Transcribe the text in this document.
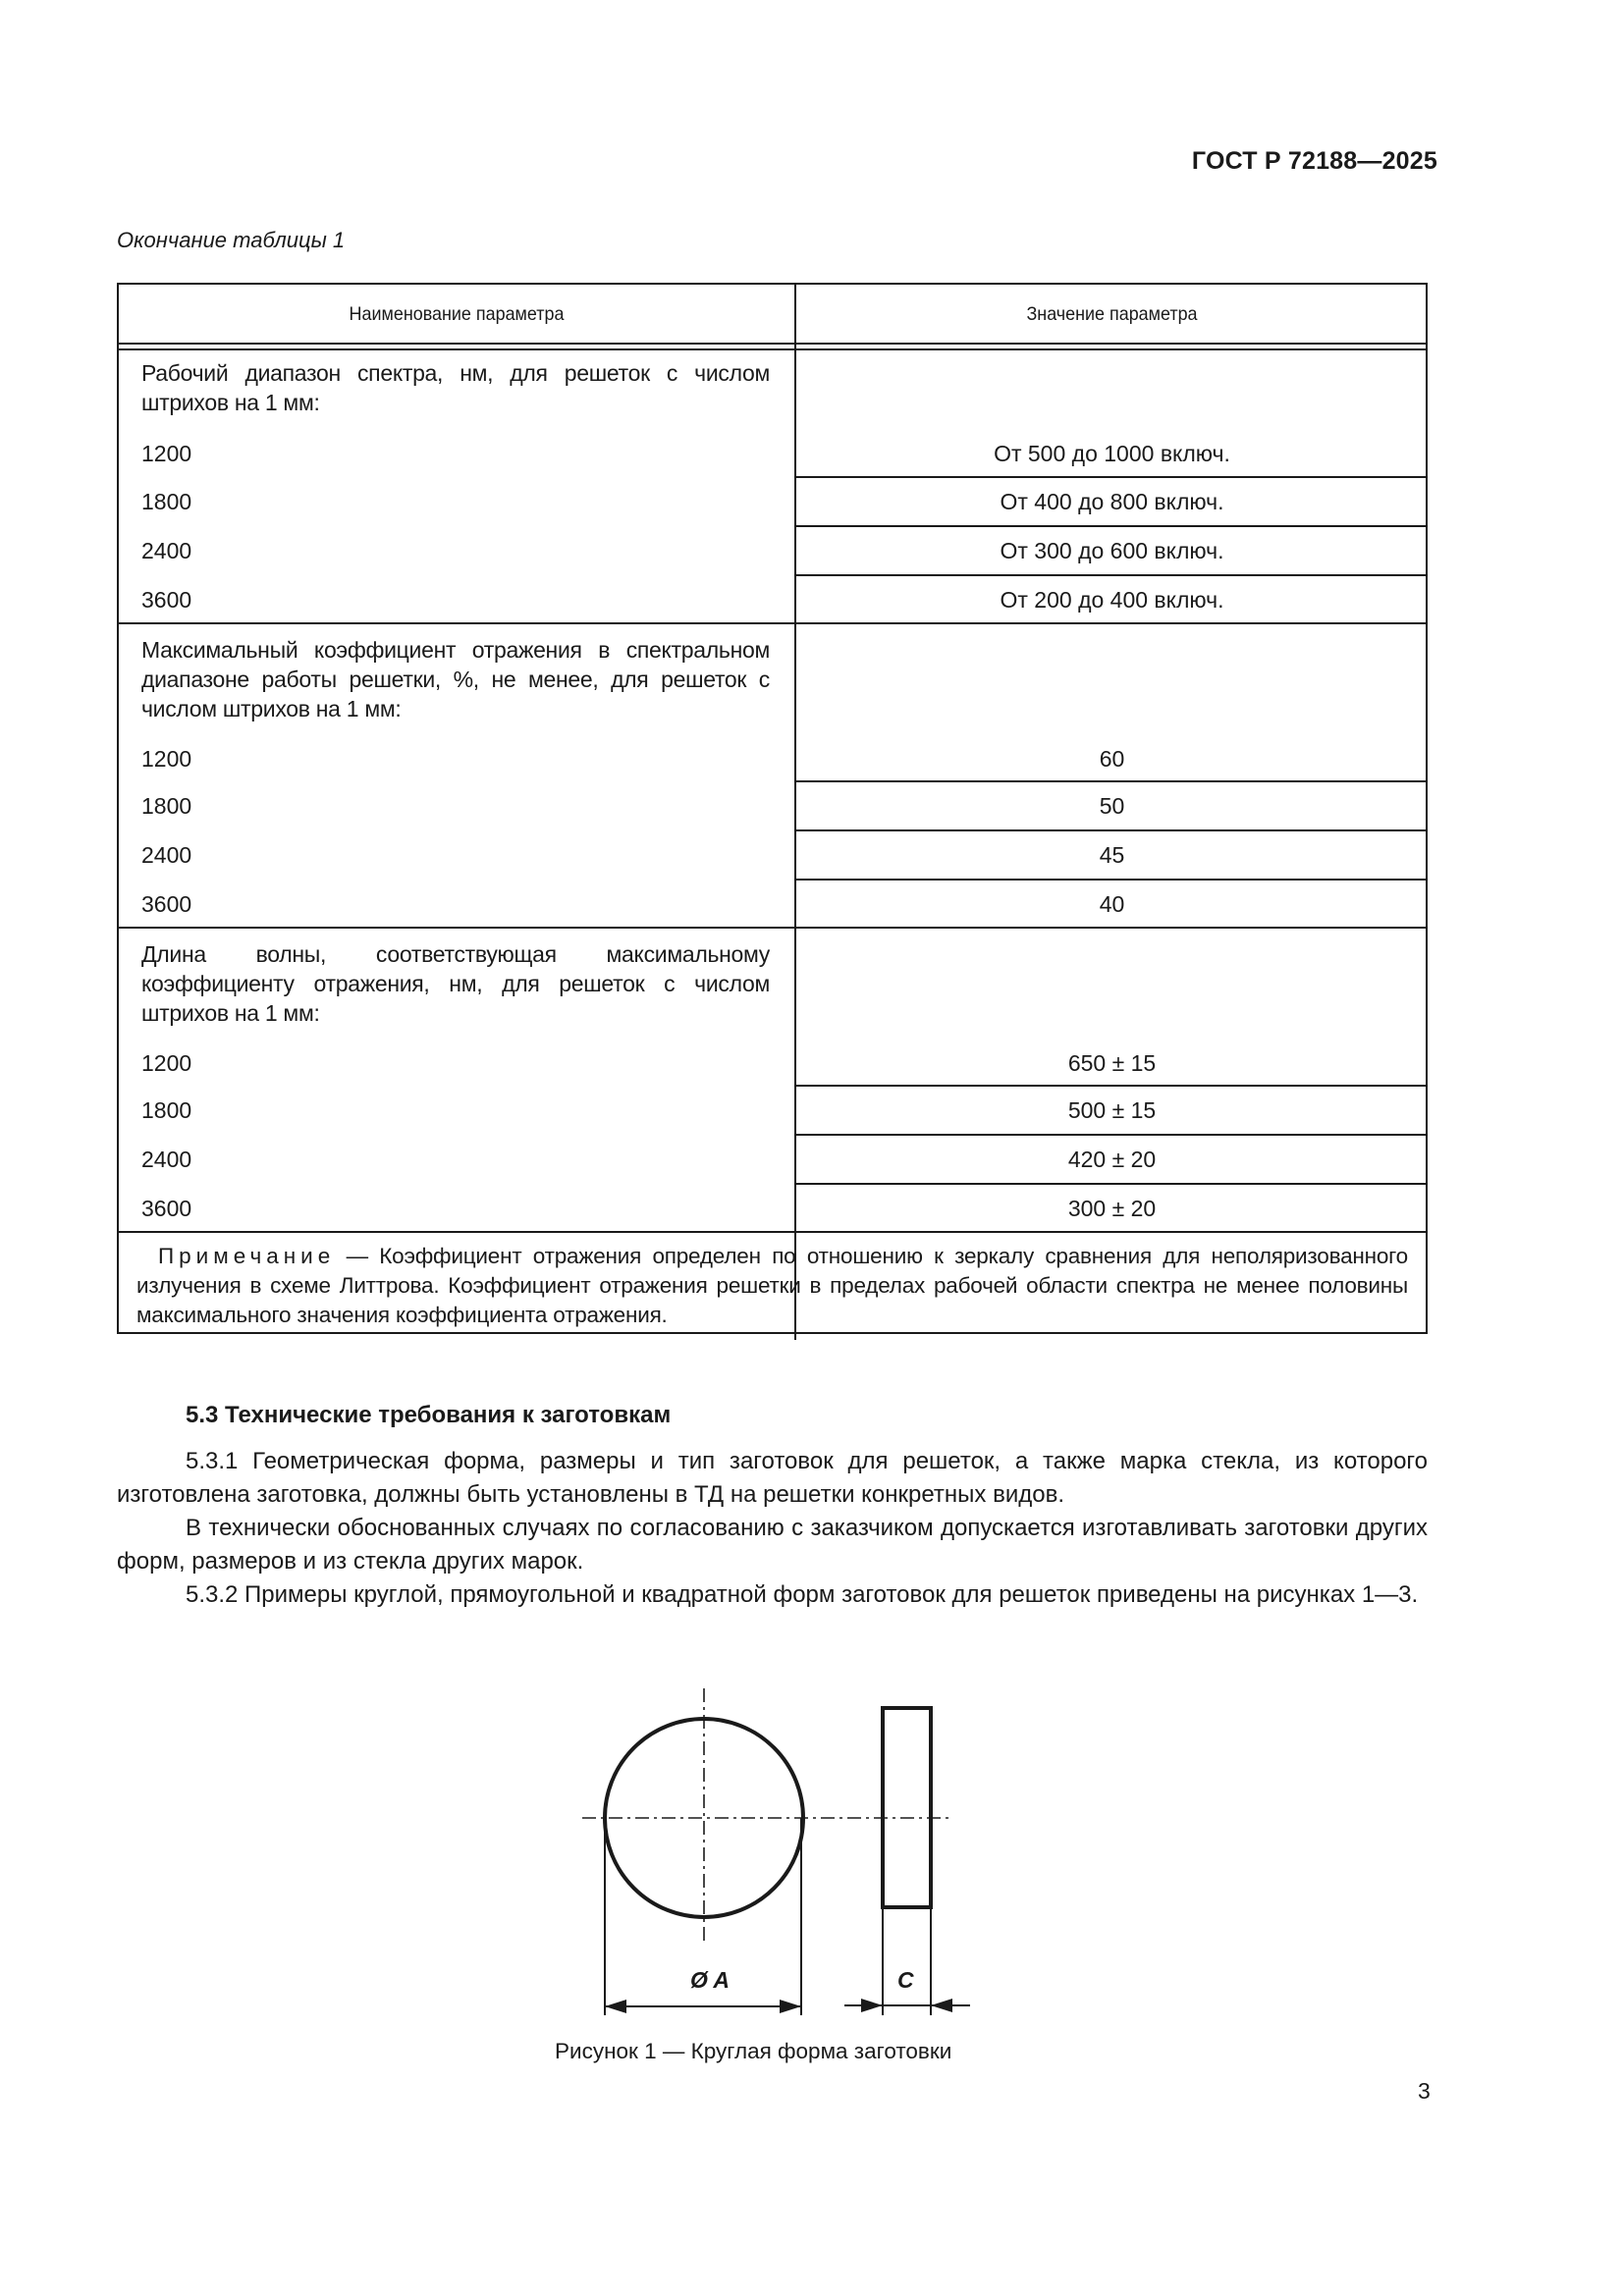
ГОСТ Р 72188—2025
Окончание таблицы 1
Наименование параметра	Значение параметра
Рабочий диапазон спектра, нм, для решеток с числом штрихов на 1 мм:
1200	От 500 до 1000 включ.
1800	От 400 до 800 включ.
2400	От 300 до 600 включ.
3600	От 200 до 400 включ.
Максимальный коэффициент отражения в спектральном диапазоне работы решетки, %, не менее, для решеток с числом штрихов на 1 мм:
1200	60
1800	50
2400	45
3600	40
Длина волны, соответствующая максимальному коэффициенту отражения, нм, для решеток с числом штрихов на 1 мм:
1200	650 ± 15
1800	500 ± 15
2400	420 ± 20
3600	300 ± 20
Примечание — Коэффициент отражения определен по отношению к зеркалу сравнения для неполяризованного излучения в схеме Литтрова. Коэффициент отражения решетки в пределах рабочей области спектра не менее половины максимального значения коэффициента отражения.
5.3 Технические требования к заготовкам
5.3.1 Геометрическая форма, размеры и тип заготовок для решеток, а также марка стекла, из которого изготовлена заготовка, должны быть установлены в ТД на решетки конкретных видов.
В технически обоснованных случаях по согласованию с заказчиком допускается изготавливать заготовки других форм, размеров и из стекла других марок.
5.3.2 Примеры круглой, прямоугольной и квадратной форм заготовок для решеток приведены на рисунках 1—3.
Ø A	C
Рисунок 1 — Круглая форма заготовки
3
